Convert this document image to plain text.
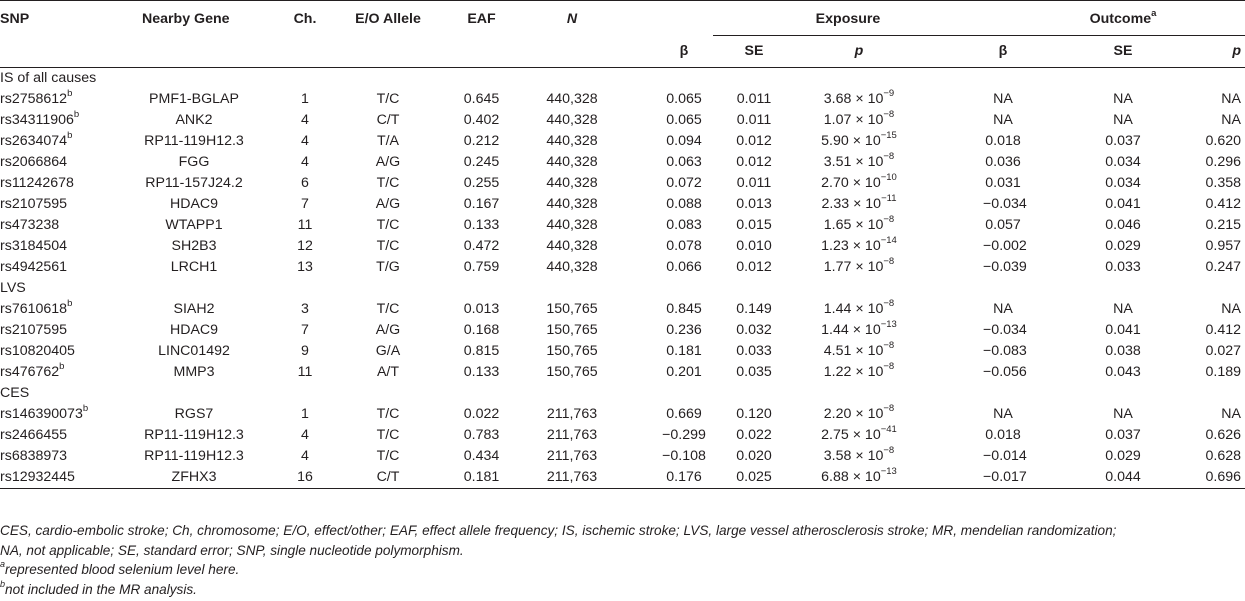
SNP	Nearby Gene	Ch.	E/O Allele	EAF	N		Exposure			Outcome$^a$
						β	SE	p		β	SE	p
IS of all causes												
rs2758612$^b$	PMF1-BGLAP	1	T/C	0.645	440,328	0.065	0.011	$3.68 \times 10^{-9}$		NA	NA	NA
rs34311906$^b$	ANK2	4	C/T	0.402	440,328	0.065	0.011	$1.07 \times 10^{-8}$		NA	NA	NA
rs2634074$^b$	RP11-119H12.3	4	T/A	0.212	440,328	0.094	0.012	$5.90 \times 10^{-15}$		0.018	0.037	0.620
rs2066864	FGG	4	A/G	0.245	440,328	0.063	0.012	$3.51 \times 10^{-8}$		0.036	0.034	0.296
rs11242678	RP11-157J24.2	6	T/C	0.255	440,328	0.072	0.011	$2.70 \times 10^{-10}$		0.031	0.034	0.358
rs2107595	HDAC9	7	A/G	0.167	440,328	0.088	0.013	$2.33 \times 10^{-11}$		−0.034	0.041	0.412
rs473238	WTAPP1	11	T/C	0.133	440,328	0.083	0.015	$1.65 \times 10^{-8}$		0.057	0.046	0.215
rs3184504	SH2B3	12	T/C	0.472	440,328	0.078	0.010	$1.23 \times 10^{-14}$		−0.002	0.029	0.957
rs4942561	LRCH1	13	T/G	0.759	440,328	0.066	0.012	$1.77 \times 10^{-8}$		−0.039	0.033	0.247
LVS												
rs7610618$^b$	SIAH2	3	T/C	0.013	150,765	0.845	0.149	$1.44 \times 10^{-8}$		NA	NA	NA
rs2107595	HDAC9	7	A/G	0.168	150,765	0.236	0.032	$1.44 \times 10^{-13}$		−0.034	0.041	0.412
rs10820405	LINC01492	9	G/A	0.815	150,765	0.181	0.033	$4.51 \times 10^{-8}$		−0.083	0.038	0.027
rs476762$^b$	MMP3	11	A/T	0.133	150,765	0.201	0.035	$1.22 \times 10^{-8}$		−0.056	0.043	0.189
CES												
rs146390073$^b$	RGS7	1	T/C	0.022	211,763	0.669	0.120	$2.20 \times 10^{-8}$		NA	NA	NA
rs2466455	RP11-119H12.3	4	T/C	0.783	211,763	−0.299	0.022	$2.75 \times 10^{-41}$		0.018	0.037	0.626
rs6838973	RP11-119H12.3	4	T/C	0.434	211,763	−0.108	0.020	$3.58 \times 10^{-8}$		−0.014	0.029	0.628
rs12932445	ZFHX3	16	C/T	0.181	211,763	0.176	0.025	$6.88 \times 10^{-13}$		−0.017	0.044	0.696
CES, cardio-embolic stroke; Ch, chromosome; E/O, effect/other; EAF, effect allele frequency; IS, ischemic stroke; LVS, large vessel atherosclerosis stroke; MR, mendelian randomization;
NA, not applicable; SE, standard error; SNP, single nucleotide polymorphism.
$^a$represented blood selenium level here.
$^b$not included in the MR analysis.
